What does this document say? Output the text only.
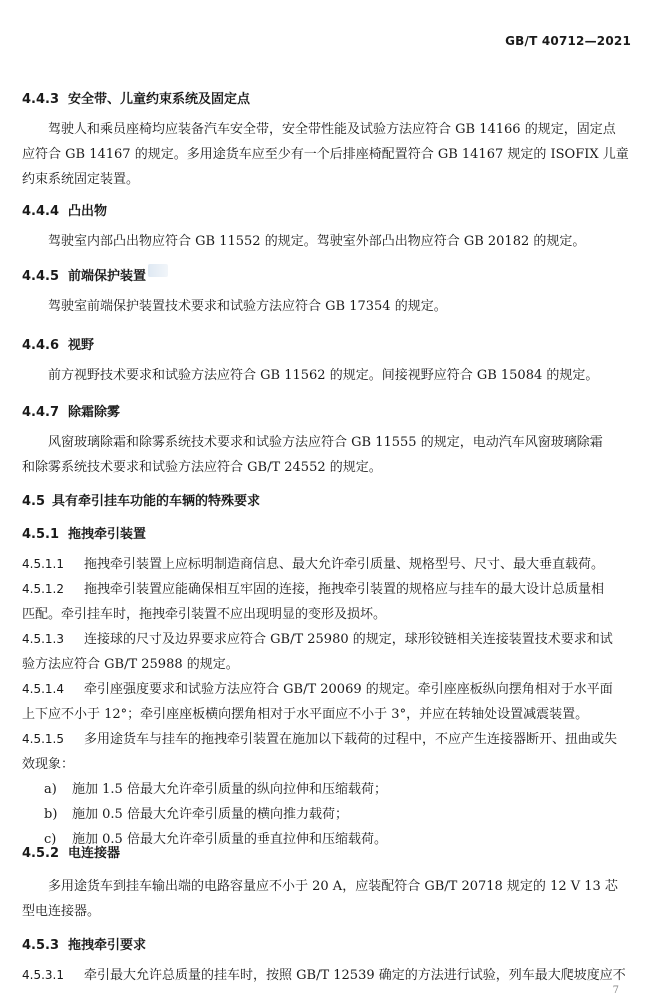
GB/T 40712—2021
4.4.3 安全带、儿童约束系统及固定点
驾驶人和乘员座椅均应装备汽车安全带，安全带性能及试验方法应符合 GB 14166 的规定，固定点
应符合 GB 14167 的规定。多用途货车应至少有一个后排座椅配置符合 GB 14167 规定的 ISOFIX 儿童
约束系统固定装置。
4.4.4 凸出物
驾驶室内部凸出物应符合 GB 11552 的规定。驾驶室外部凸出物应符合 GB 20182 的规定。
4.4.5 前端保护装置
驾驶室前端保护装置技术要求和试验方法应符合 GB 17354 的规定。
4.4.6 视野
前方视野技术要求和试验方法应符合 GB 11562 的规定。间接视野应符合 GB 15084 的规定。
4.4.7 除霜除雾
风窗玻璃除霜和除雾系统技术要求和试验方法应符合 GB 11555 的规定，电动汽车风窗玻璃除霜
和除雾系统技术要求和试验方法应符合 GB/T 24552 的规定。
4.5 具有牵引挂车功能的车辆的特殊要求
4.5.1 拖拽牵引装置
4.5.1.1	拖拽牵引装置上应标明制造商信息、最大允许牵引质量、规格型号、尺寸、最大垂直载荷。
4.5.1.2	拖拽牵引装置应能确保相互牢固的连接，拖拽牵引装置的规格应与挂车的最大设计总质量相
匹配。牵引挂车时，拖拽牵引装置不应出现明显的变形及损坏。
4.5.1.3	连接球的尺寸及边界要求应符合 GB/T 25980 的规定，球形铰链相关连接装置技术要求和试
验方法应符合 GB/T 25988 的规定。
4.5.1.4	牵引座强度要求和试验方法应符合 GB/T 20069 的规定。牵引座座板纵向摆角相对于水平面
上下应不小于 12°；牵引座座板横向摆角相对于水平面应不小于 3°，并应在转轴处设置减震装置。
4.5.1.5	多用途货车与挂车的拖拽牵引装置在施加以下载荷的过程中，不应产生连接器断开、扭曲或失
效现象：
a) 施加 1.5 倍最大允许牵引质量的纵向拉伸和压缩载荷；
b) 施加 0.5 倍最大允许牵引质量的横向推力载荷；
c) 施加 0.5 倍最大允许牵引质量的垂直拉伸和压缩载荷。
4.5.2 电连接器
多用途货车到挂车输出端的电路容量应不小于 20 A，应装配符合 GB/T 20718 规定的 12 V 13 芯
型电连接器。
4.5.3 拖拽牵引要求
4.5.3.1	牵引最大允许总质量的挂车时，按照 GB/T 12539 确定的方法进行试验，列车最大爬坡度应不
7
